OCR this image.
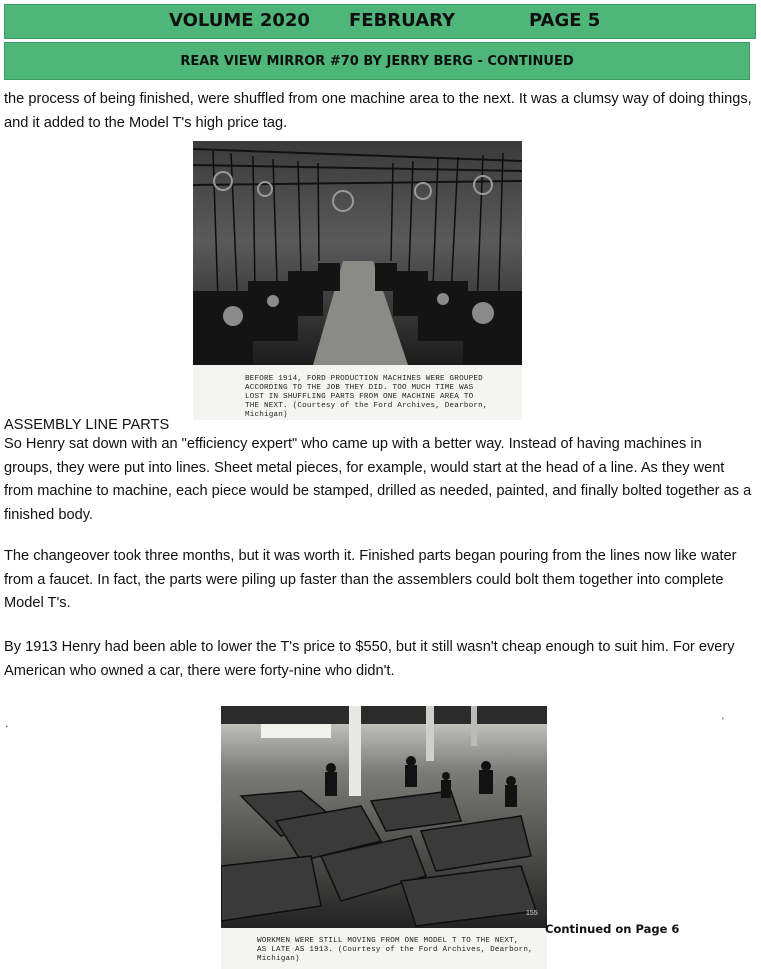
VOLUME 2020 FEBRUARY	PAGE 5
REAR VIEW MIRROR #70 BY JERRY BERG - CONTINUED

the process of being finished, were shuffled from one machine area to the next. It was a clumsy way of doing things, and it added to the Model T's high price tag.

BEFORE 1914, FORD PRODUCTION MACHINES WERE GROUPED
ACCORDING TO THE JOB THEY DID. TOO MUCH TIME WAS
LOST IN SHUFFLING PARTS FROM ONE MACHINE AREA TO
THE NEXT. (Courtesy of the Ford Archives, Dearborn,
Michigan)
ASSEMBLY LINE PARTS

So Henry sat down with an "efficiency expert" who came up with a better way. Instead of having machines in groups, they were put into lines. Sheet metal pieces, for example, would start at the head of a line. As they went from machine to machine, each piece would be stamped, drilled as needed, painted, and finally bolted together as a finished body.

The changeover took three months, but it was worth it. Finished parts began pouring from the lines now like water from a faucet. In fact, the parts were piling up faster than the assemblers could bolt them together into complete Model T's.

By 1913 Henry had been able to lower the T's price to $550, but it still wasn't cheap enough to suit him. For every American who owned a car, there were forty-nine who didn't.

.	'
155
WORKMEN WERE STILL MOVING FROM ONE MODEL T TO THE NEXT,
AS LATE AS 1913. (Courtesy of the Ford Archives, Dearborn,
Michigan)
Continued on Page 6
